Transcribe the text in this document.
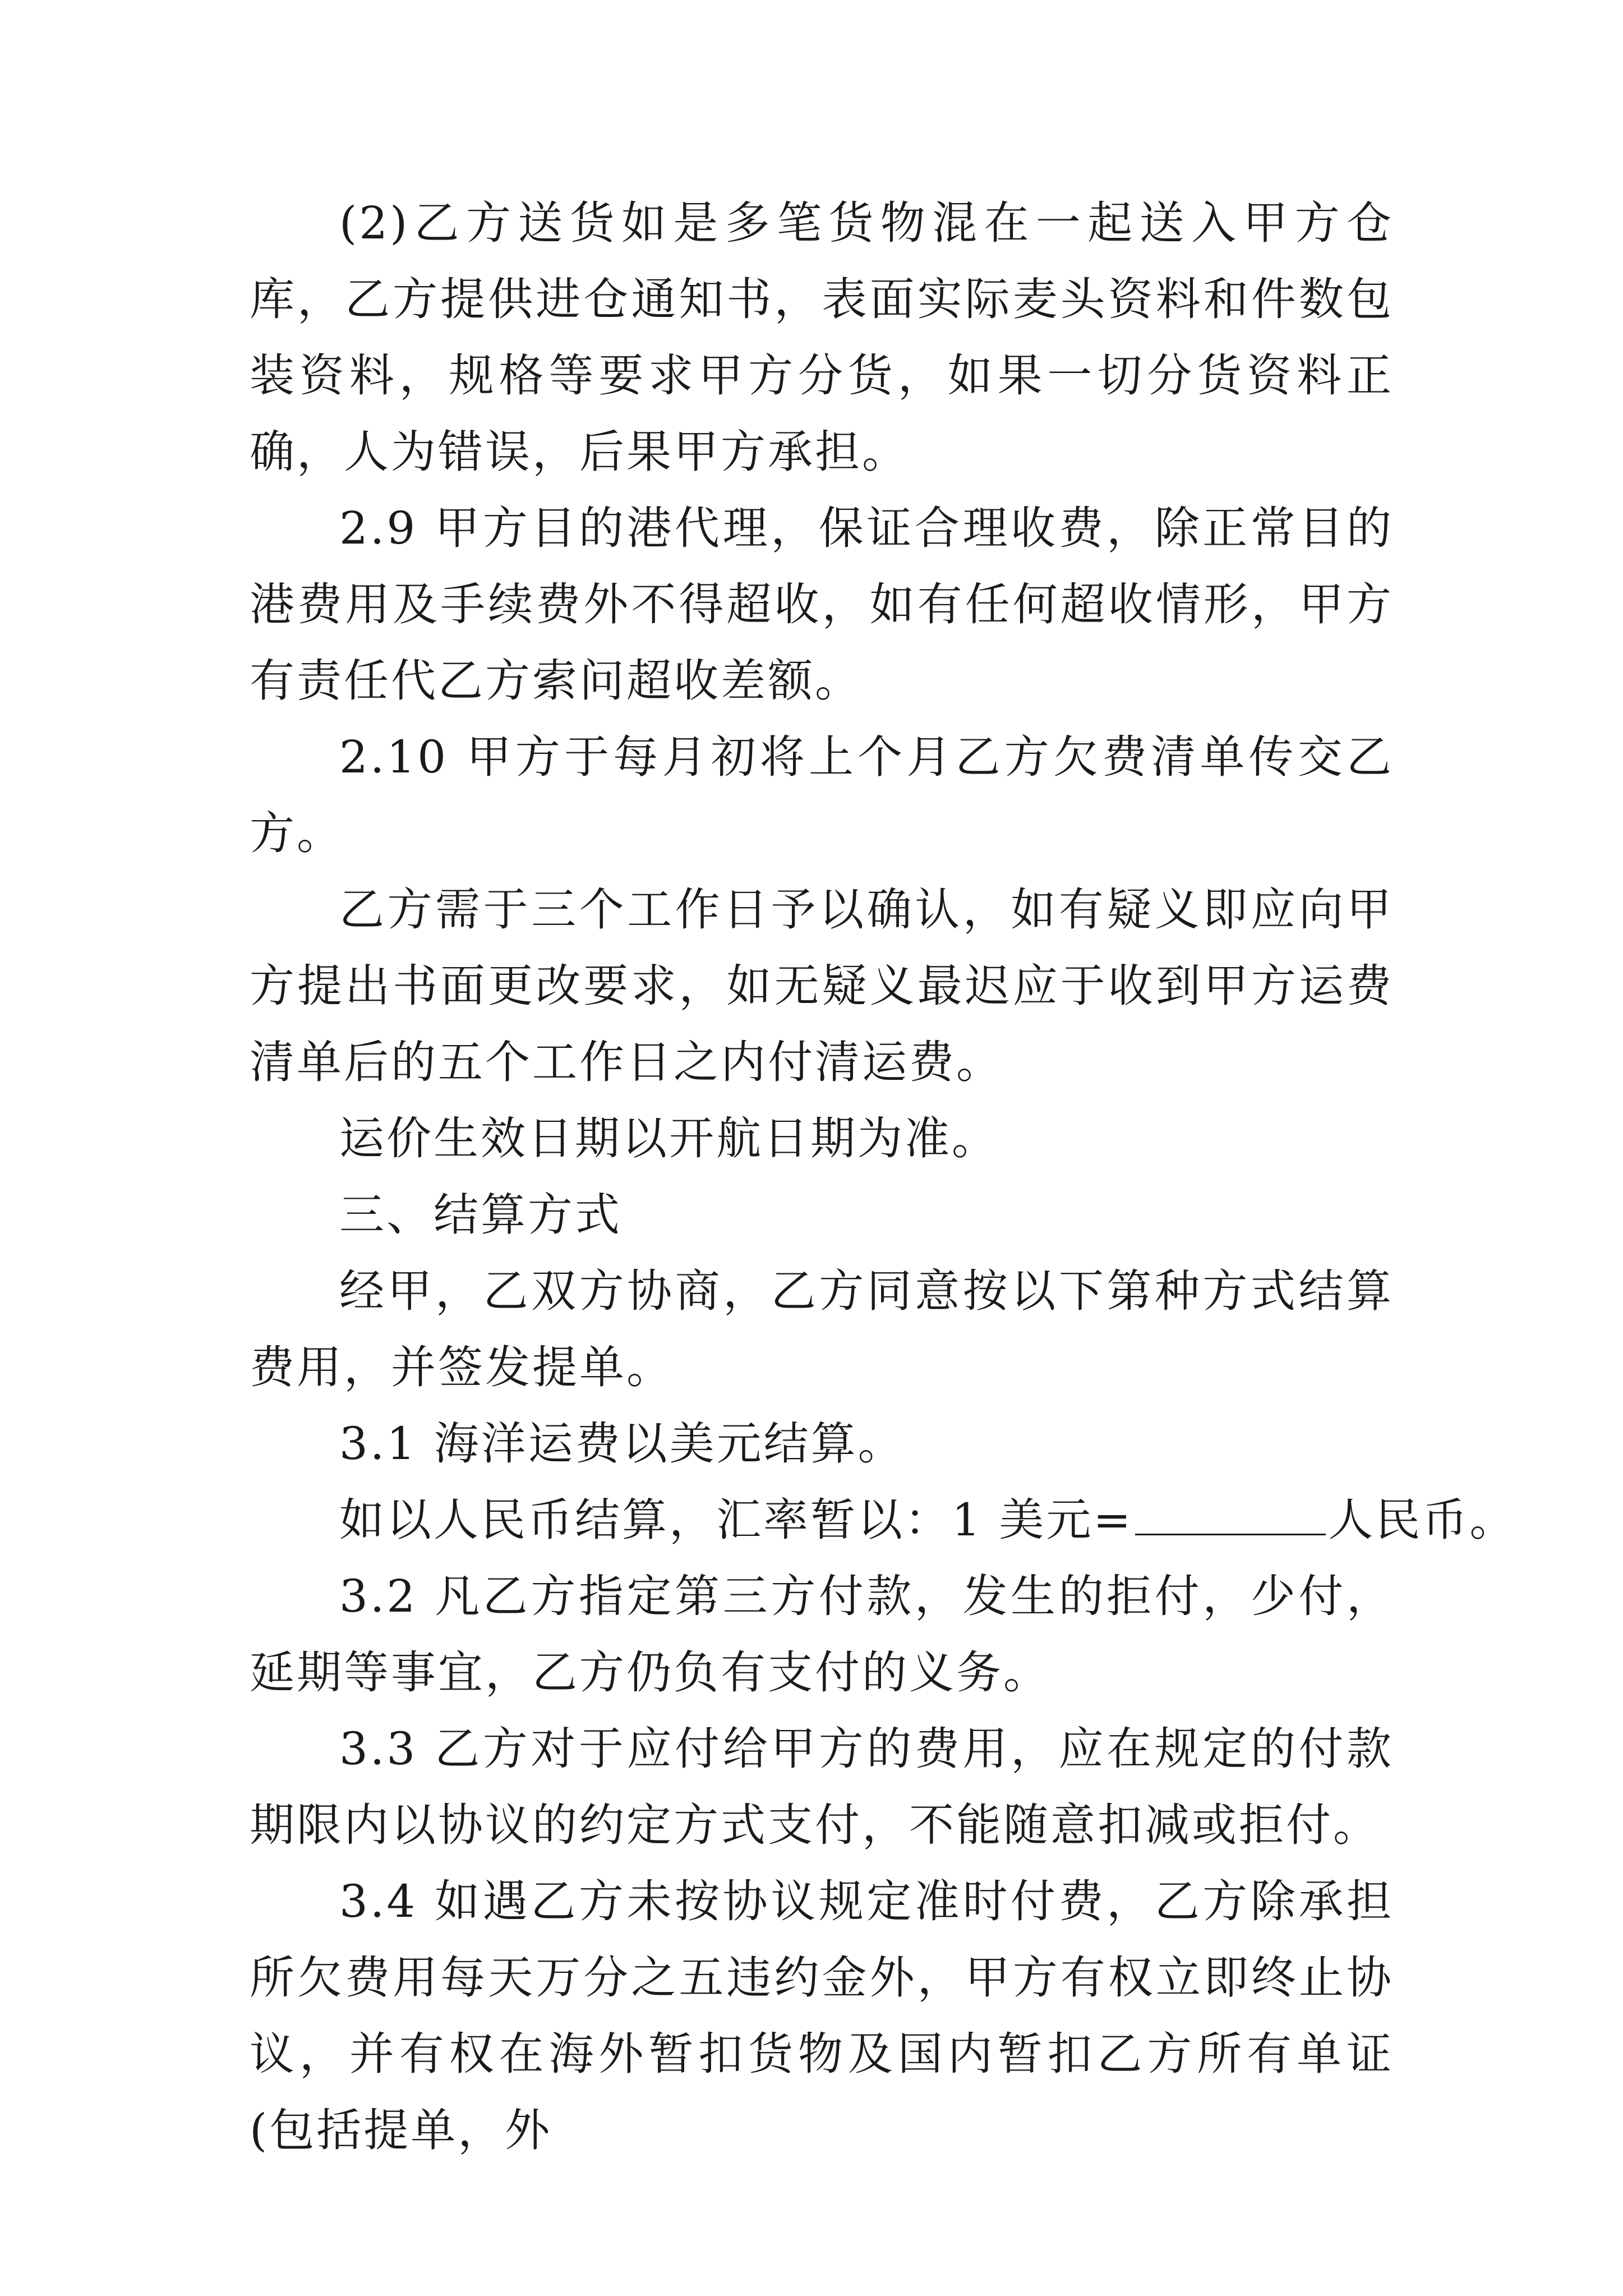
(2)乙方送货如是多笔货物混在一起送入甲方仓库，乙方提供进仓通知书，表面实际麦头资料和件数包装资料，规格等要求甲方分货，如果一切分货资料正确，人为错误，后果甲方承担。

2.9 甲方目的港代理，保证合理收费，除正常目的港费用及手续费外不得超收，如有任何超收情形，甲方有责任代乙方索问超收差额。

2.10 甲方于每月初将上个月乙方欠费清单传交乙方。

乙方需于三个工作日予以确认，如有疑义即应向甲方提出书面更改要求，如无疑义最迟应于收到甲方运费清单后的五个工作日之内付清运费。

运价生效日期以开航日期为准。

三、结算方式

经甲，乙双方协商，乙方同意按以下第种方式结算费用，并签发提单。

3.1 海洋运费以美元结算。

如以人民币结算，汇率暂以：1 美元=	人民币。

3.2 凡乙方指定第三方付款，发生的拒付，少付，延期等事宜，乙方仍负有支付的义务。

3.3 乙方对于应付给甲方的费用，应在规定的付款期限内以协议的约定方式支付，不能随意扣减或拒付。

3.4 如遇乙方未按协议规定准时付费，乙方除承担所欠费用每天万分之五违约金外，甲方有权立即终止协议，并有权在海外暂扣货物及国内暂扣乙方所有单证(包括提单，外
